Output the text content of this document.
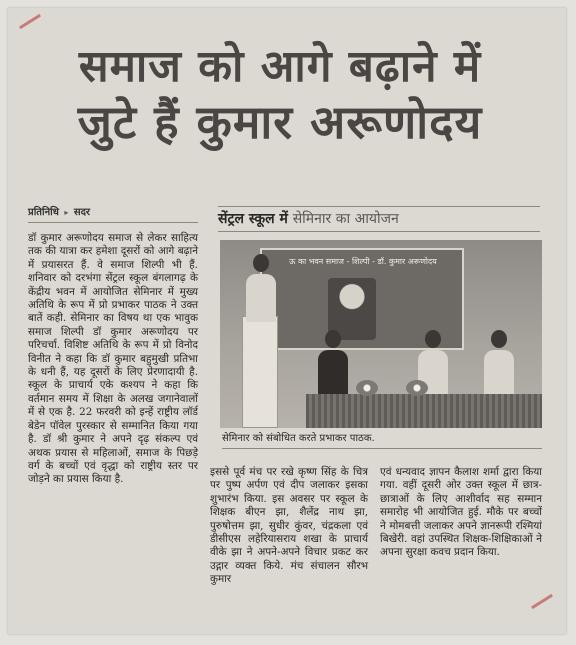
समाज को आगे बढ़ाने में
जुटे हैं कुमार अरूणोदय
प्रतिनिधि ▸ सदर

डॉ कुमार अरूणोदय समाज से लेकर साहित्य तक की यात्रा कर हमेशा दूसरों को आगे बढ़ाने में प्रयासरत हैं. वे समाज शिल्पी भी हैं. शनिवार को दरभंगा सेंट्रल स्कूल बंगलागढ़ के केंद्रीय भवन में आयोजित सेमिनार में मुख्य अतिथि के रूप में प्रो प्रभाकर पाठक ने उक्त बातें कही. सेमिनार का विषय था एक भावुक समाज शिल्पी डॉ कुमार अरूणोदय पर परिचर्चा. विशिष्ट अतिथि के रूप में प्रो विनोद विनीत ने कहा कि डॉ कुमार बहुमुखी प्रतिभा के धनी हैं, यह दूसरों के लिए प्रेरणादायी है. स्कूल के प्राचार्य एके कश्यप ने कहा कि वर्तमान समय में शिक्षा के अलख जगानेवालों में से एक है. 22 फरवरी को इन्हें राष्ट्रीय लॉर्ड बेडेन पॉवेल पुरस्कार से सम्मानित किया गया है. डॉ श्री कुमार ने अपने दृढ़ संकल्प एवं अथक प्रयास से महिलाओं, समाज के पिछड़े वर्ग के बच्चों एवं वृद्धा को राष्ट्रीय स्तर पर जोड़ने का प्रयास किया है.

सेंट्रल स्कूल में सेमिनार का आयोजन
ऊ का भवन समाज - शिल्पी - डॉ. कुमार अरूणोदय
सेमिनार को संबोधित करते प्रभाकर पाठक.

इससे पूर्व मंच पर रखे कृष्ण सिंह के चित्र पर पुष्प अर्पण एवं दीप जलाकर इसका शुभारंभ किया. इस अवसर पर स्कूल के शिक्षक बीएन झा, शैलेंद्र नाथ झा, पुरुषोत्तम झा, सुधीर कुंवर, चंद्रकला एवं डीसीएस लहेरियासराय शखा के प्राचार्य वीके झा ने अपने-अपने विचार प्रकट कर उद्गार व्यक्त किये. मंच संचालन सौरभ कुमार

एवं धन्यवाद ज्ञापन कैलाश शर्मा द्वारा किया गया. वहीं दूसरी ओर उक्त स्कूल में छात्र-छात्राओं के लिए आशीर्वाद सह सम्मान समारोह भी आयोजित हुई. मौके पर बच्चों ने मोमबत्ती जलाकर अपने ज्ञानरूपी रश्मियां बिखेरी. वहां उपस्थित शिक्षक-शिक्षिकाओं ने अपना सुरक्षा कवच प्रदान किया.
